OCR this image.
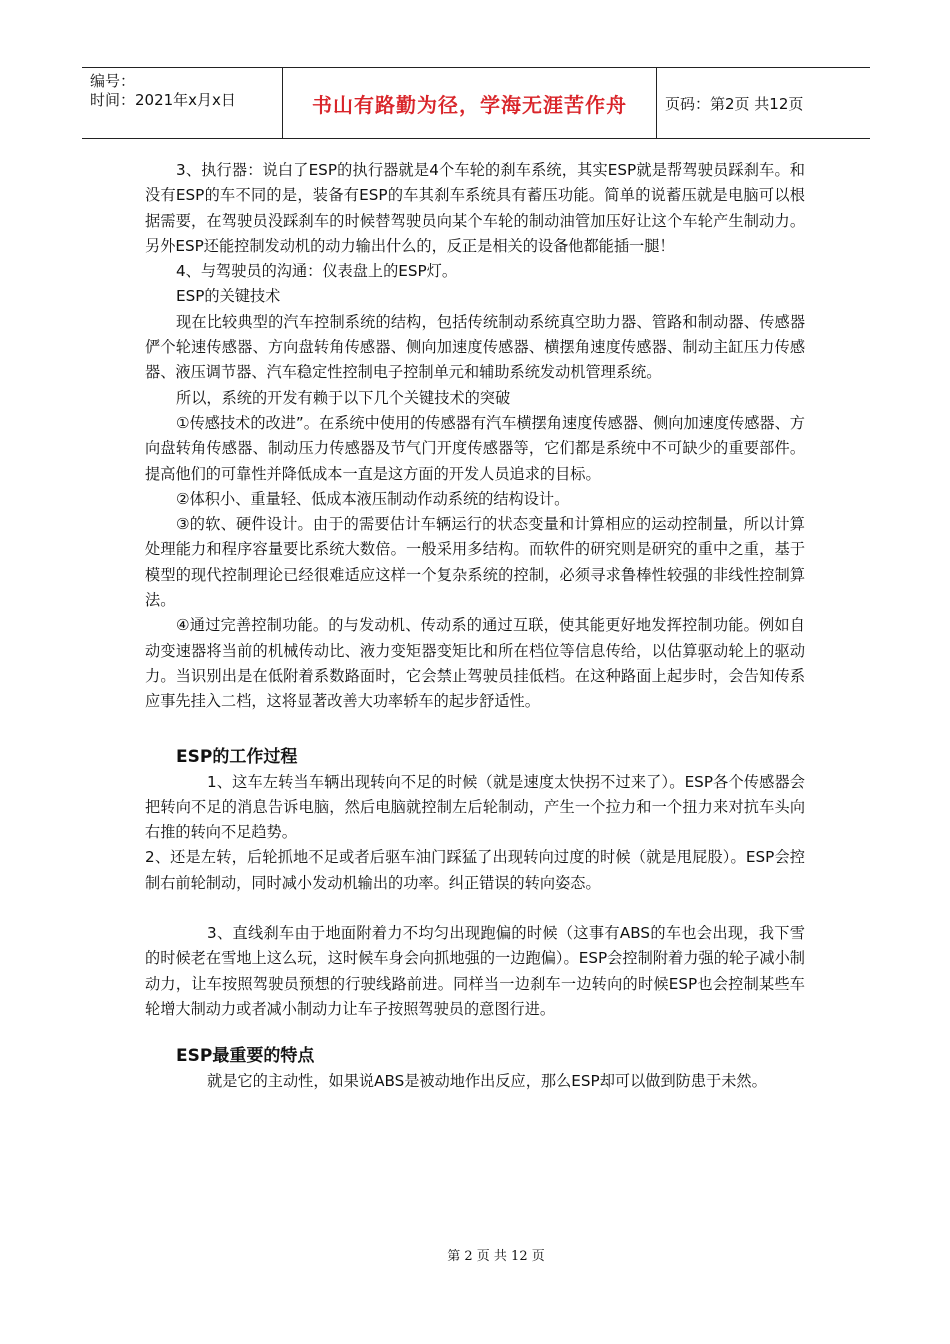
编号：
时间：2021年x月x日	书山有路勤为径，学海无涯苦作舟	页码：第2页 共12页

3、执行器：说白了ESP的执行器就是4个车轮的刹车系统，其实ESP就是帮驾驶员踩刹车。和没有ESP的车不同的是，装备有ESP的车其刹车系统具有蓄压功能。简单的说蓄压就是电脑可以根据需要，在驾驶员没踩刹车的时候替驾驶员向某个车轮的制动油管加压好让这个车轮产生制动力。另外ESP还能控制发动机的动力输出什么的，反正是相关的设备他都能插一腿！

4、与驾驶员的沟通：仪表盘上的ESP灯。

ESP的关键技术

现在比较典型的汽车控制系统的结构，包括传统制动系统真空助力器、管路和制动器、传感器俨个轮速传感器、方向盘转角传感器、侧向加速度传感器、横摆角速度传感器、制动主缸压力传感器、液压调节器、汽车稳定性控制电子控制单元和辅助系统发动机管理系统。

所以，系统的开发有赖于以下几个关键技术的突破

①传感技术的改进”。在系统中使用的传感器有汽车横摆角速度传感器、侧向加速度传感器、方向盘转角传感器、制动压力传感器及节气门开度传感器等，它们都是系统中不可缺少的重要部件。提高他们的可靠性并降低成本一直是这方面的开发人员追求的目标。

②体积小、重量轻、低成本液压制动作动系统的结构设计。

③的软、硬件设计。由于的需要估计车辆运行的状态变量和计算相应的运动控制量，所以计算处理能力和程序容量要比系统大数倍。一般采用多结构。而软件的研究则是研究的重中之重，基于模型的现代控制理论已经很难适应这样一个复杂系统的控制，必须寻求鲁棒性较强的非线性控制算法。

④通过完善控制功能。的与发动机、传动系的通过互联，使其能更好地发挥控制功能。例如自动变速器将当前的机械传动比、液力变矩器变矩比和所在档位等信息传给，以估算驱动轮上的驱动力。当识别出是在低附着系数路面时，它会禁止驾驶员挂低档。在这种路面上起步时，会告知传系应事先挂入二档，这将显著改善大功率轿车的起步舒适性。

ESP的工作过程

1、这车左转当车辆出现转向不足的时候（就是速度太快拐不过来了）。ESP各个传感器会把转向不足的消息告诉电脑，然后电脑就控制左后轮制动，产生一个拉力和一个扭力来对抗车头向右推的转向不足趋势。

2、还是左转，后轮抓地不足或者后驱车油门踩猛了出现转向过度的时候（就是甩屁股）。ESP会控制右前轮制动，同时减小发动机输出的功率。纠正错误的转向姿态。

3、直线刹车由于地面附着力不均匀出现跑偏的时候（这事有ABS的车也会出现，我下雪的时候老在雪地上这么玩，这时候车身会向抓地强的一边跑偏）。ESP会控制附着力强的轮子减小制动力，让车按照驾驶员预想的行驶线路前进。同样当一边刹车一边转向的时候ESP也会控制某些车轮增大制动力或者减小制动力让车子按照驾驶员的意图行进。

ESP最重要的特点

就是它的主动性，如果说ABS是被动地作出反应，那么ESP却可以做到防患于未然。

第 2 页 共 12 页
